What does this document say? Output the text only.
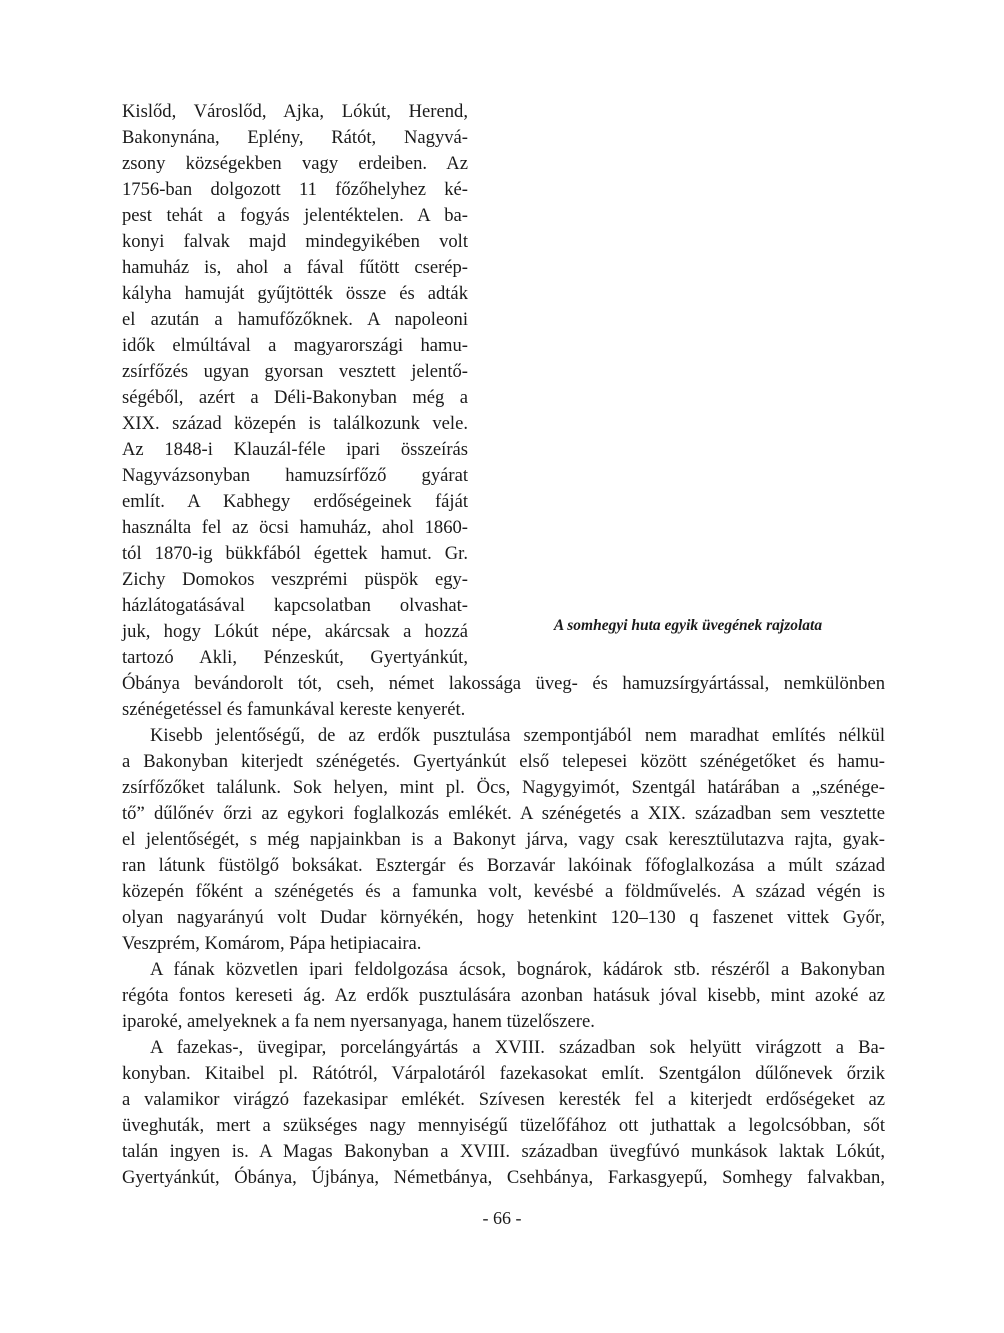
Kislőd, Városlőd, Ajka, Lókút, Herend,
Bakonynána, Eplény, Rátót, Nagyvá-
zsony községekben vagy erdeiben. Az
1756-ban dolgozott 11 főzőhelyhez ké-
pest tehát a fogyás jelentéktelen. A ba-
konyi falvak majd mindegyikében volt
hamuház is, ahol a fával fűtött cserép-
kályha hamuját gyűjtötték össze és adták
el azután a hamufőzőknek. A napoleoni
idők elmúltával a magyarországi hamu-
zsírfőzés ugyan gyorsan vesztett jelentő-
ségéből, azért a Déli-Bakonyban még a
XIX. század közepén is találkozunk vele.
Az 1848-i Klauzál-féle ipari összeírás
Nagyvázsonyban hamuzsírfőző gyárat
említ. A Kabhegy erdőségeinek fáját
használta fel az öcsi hamuház, ahol 1860-
tól 1870-ig bükkfából égettek hamut. Gr.
Zichy Domokos veszprémi püspök egy-
házlátogatásával kapcsolatban olvashat-
juk, hogy Lókút népe, akárcsak a hozzá
tartozó Akli, Pénzeskút, Gyertyánkút,
Óbánya bevándorolt tót, cseh, német lakossága üveg- és hamuzsírgyártással, nemkülönben
szénégetéssel és famunkával kereste kenyerét.
A somhegyi huta egyik üvegének rajzolata
Kisebb jelentőségű, de az erdők pusztulása szempontjából nem maradhat említés nélkül
a Bakonyban kiterjedt szénégetés. Gyertyánkút első telepesei között szénégetőket és hamu-
zsírfőzőket találunk. Sok helyen, mint pl. Öcs, Nagygyimót, Szentgál határában a „szénége-
tő” dűlőnév őrzi az egykori foglalkozás emlékét. A szénégetés a XIX. században sem vesztette
el jelentőségét, s még napjainkban is a Bakonyt járva, vagy csak keresztülutazva rajta, gyak-
ran látunk füstölgő boksákat. Esztergár és Borzavár lakóinak főfoglalkozása a múlt század
közepén főként a szénégetés és a famunka volt, kevésbé a földművelés. A század végén is
olyan nagyarányú volt Dudar környékén, hogy hetenkint 120–130 q faszenet vittek Győr,
Veszprém, Komárom, Pápa hetipiacaira.
A fának közvetlen ipari feldolgozása ácsok, bognárok, kádárok stb. részéről a Bakonyban
régóta fontos kereseti ág. Az erdők pusztulására azonban hatásuk jóval kisebb, mint azoké az
iparoké, amelyeknek a fa nem nyersanyaga, hanem tüzelőszere.
A fazekas-, üvegipar, porcelángyártás a XVIII. században sok helyütt virágzott a Ba-
konyban. Kitaibel pl. Rátótról, Várpalotáról fazekasokat említ. Szentgálon dűlőnevek őrzik
a valamikor virágzó fazekasipar emlékét. Szívesen keresték fel a kiterjedt erdőségeket az
üveghuták, mert a szükséges nagy mennyiségű tüzelőfához ott juthattak a legolcsóbban, sőt
talán ingyen is. A Magas Bakonyban a XVIII. században üvegfúvó munkások laktak Lókút,
Gyertyánkút, Óbánya, Újbánya, Németbánya, Csehbánya, Farkasgyepű, Somhegy falvakban,
- 66 -
